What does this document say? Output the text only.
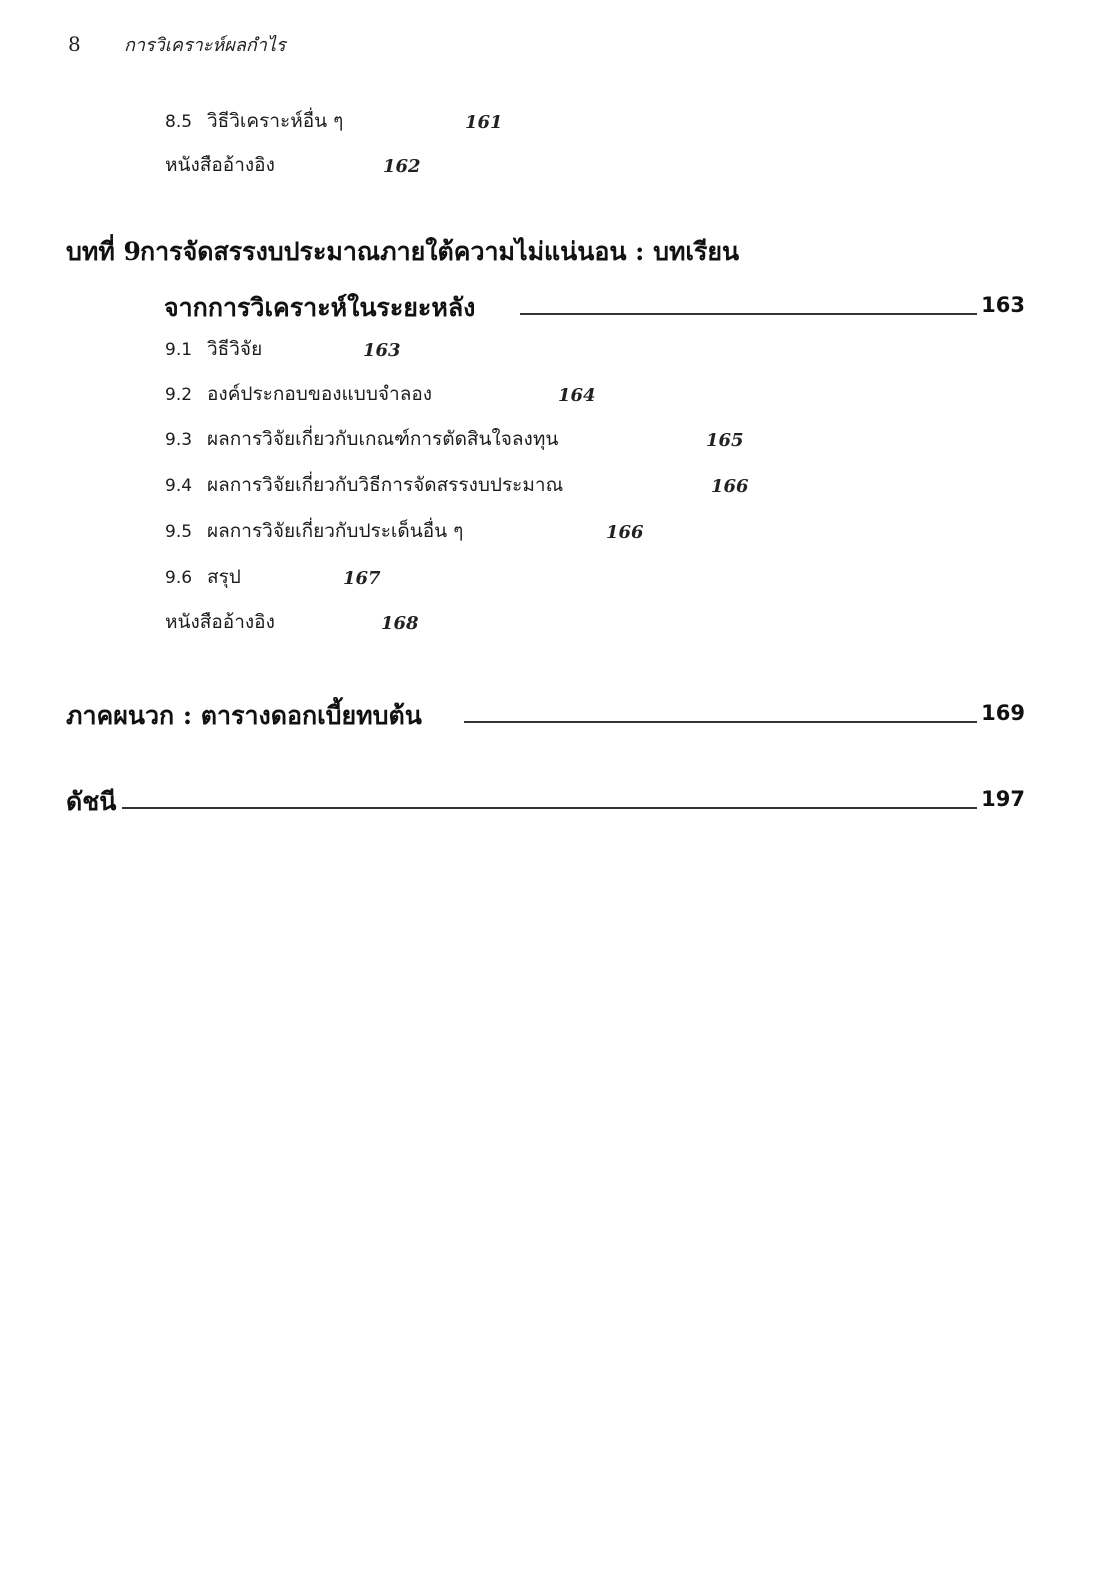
8 การวิเคราะห์ผลกำไร
8.5 วิธีวิเคราะห์อื่น ๆ	161
หนังสืออ้างอิง	162
บทที่ 9การจัดสรรงบประมาณภายใต้ความไม่แน่นอน : บทเรียน
จากการวิเคราะห์ในระยะหลัง	163
9.1 วิธีวิจัย	163
9.2 องค์ประกอบของแบบจำลอง	164
9.3 ผลการวิจัยเกี่ยวกับเกณฑ์การตัดสินใจลงทุน	165
9.4 ผลการวิจัยเกี่ยวกับวิธีการจัดสรรงบประมาณ	166
9.5 ผลการวิจัยเกี่ยวกับประเด็นอื่น ๆ	166
9.6 สรุป	167
หนังสืออ้างอิง	168
ภาคผนวก : ตารางดอกเบี้ยทบต้น	169
ดัชนี	197
